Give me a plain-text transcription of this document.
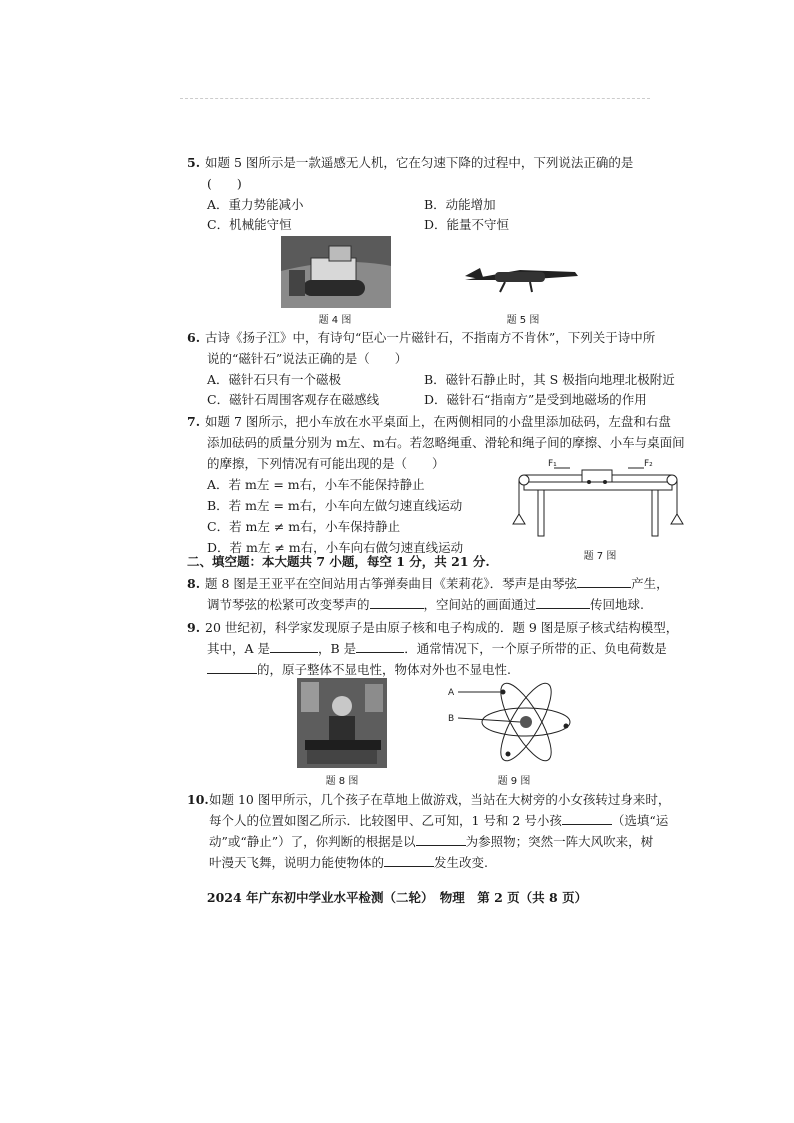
5. 如题 5 图所示是一款遥感无人机，它在匀速下降的过程中，下列说法正确的是
(　　)
A．重力势能减小	B．动能增加
C．机械能守恒	D．能量不守恒
题 4 图	题 5 图
6. 古诗《扬子江》中，有诗句“臣心一片磁针石，不指南方不肯休”，下列关于诗中所
说的“磁针石”说法正确的是（　　）
A．磁针石只有一个磁极	B．磁针石静止时，其 S 极指向地理北极附近
C．磁针石周围客观存在磁感线	D．磁针石“指南方”是受到地磁场的作用
7. 如题 7 图所示，把小车放在水平桌面上，在两侧相同的小盘里添加砝码，左盘和右盘
添加砝码的质量分别为 m左、m右。若忽略绳重、滑轮和绳子间的摩擦、小车与桌面间
的摩擦，下列情况有可能出现的是（　　）
A．若 m左 = m右，小车不能保持静止
B．若 m左 = m右，小车向左做匀速直线运动
C．若 m左 ≠ m右，小车保持静止
D．若 m左 ≠ m右，小车向右做匀速直线运动
F₁	F₂
题 7 图
二、填空题：本大题共 7 小题，每空 1 分，共 21 分.
8. 题 8 图是王亚平在空间站用古筝弹奏曲目《茉莉花》．琴声是由琴弦	产生，
调节琴弦的松紧可改变琴声的	，空间站的画面通过	传回地球.
9. 20 世纪初，科学家发现原子是由原子核和电子构成的．题 9 图是原子核式结构模型，
其中，A 是	，B 是	．通常情况下，一个原子所带的正、负电荷数是
的，原子整体不显电性，物体对外也不显电性.
题 8 图
A
B
题 9 图
10.如题 10 图甲所示，几个孩子在草地上做游戏，当站在大树旁的小女孩转过身来时，
每个人的位置如图乙所示．比较图甲、乙可知，1 号和 2 号小孩	（选填“运
动”或“静止”）了，你判断的根据是以	为参照物；突然一阵大风吹来，树
叶漫天飞舞，说明力能使物体的	发生改变.
2024 年广东初中学业水平检测（二轮）　物理　第 2 页（共 8 页）
